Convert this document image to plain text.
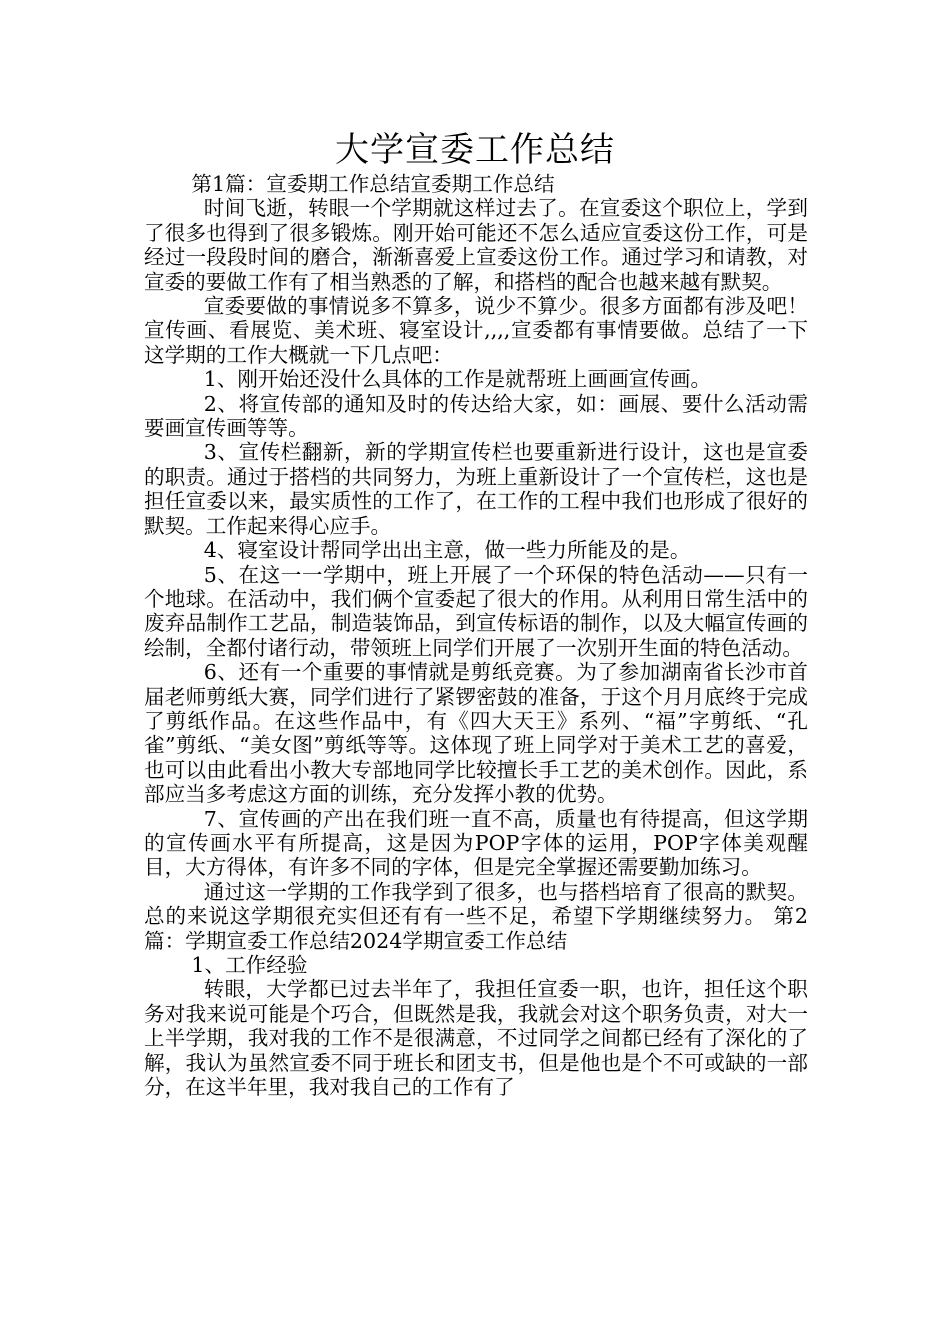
大学宣委工作总结

第1篇：宣委期工作总结宣委期工作总结

时间飞逝，转眼一个学期就这样过去了。在宣委这个职位上，学到了很多也得到了很多锻炼。刚开始可能还不怎么适应宣委这份工作，可是经过一段段时间的磨合，渐渐喜爱上宣委这份工作。通过学习和请教，对宣委的要做工作有了相当熟悉的了解，和搭档的配合也越来越有默契。

宣委要做的事情说多不算多，说少不算少。很多方面都有涉及吧！宣传画、看展览、美术班、寝室设计,,,,宣委都有事情要做。总结了一下这学期的工作大概就一下几点吧：

1、刚开始还没什么具体的工作是就帮班上画画宣传画。

2、将宣传部的通知及时的传达给大家，如：画展、要什么活动需要画宣传画等等。

3、宣传栏翻新，新的学期宣传栏也要重新进行设计，这也是宣委的职责。通过于搭档的共同努力，为班上重新设计了一个宣传栏，这也是担任宣委以来，最实质性的工作了，在工作的工程中我们也形成了很好的默契。工作起来得心应手。

4、寝室设计帮同学出出主意，做一些力所能及的是。

5、在这一一学期中，班上开展了一个环保的特色活动——只有一个地球。在活动中，我们俩个宣委起了很大的作用。从利用日常生活中的废弃品制作工艺品，制造装饰品，到宣传标语的制作，以及大幅宣传画的绘制，全都付诸行动，带领班上同学们开展了一次别开生面的特色活动。

6、还有一个重要的事情就是剪纸竞赛。为了参加湖南省长沙市首届老师剪纸大赛，同学们进行了紧锣密鼓的准备，于这个月月底终于完成了剪纸作品。在这些作品中，有《四大天王》系列、“福”字剪纸、“孔雀”剪纸、“美女图”剪纸等等。这体现了班上同学对于美术工艺的喜爱，也可以由此看出小教大专部地同学比较擅长手工艺的美术创作。因此，系部应当多考虑这方面的训练，充分发挥小教的优势。

7、宣传画的产出在我们班一直不高，质量也有待提高，但这学期的宣传画水平有所提高，这是因为POP字体的运用，POP字体美观醒目，大方得体，有许多不同的字体，但是完全掌握还需要勤加练习。

通过这一学期的工作我学到了很多，也与搭档培育了很高的默契。总的来说这学期很充实但还有有一些不足，希望下学期继续努力。 第2篇：学期宣委工作总结2024学期宣委工作总结

1、工作经验

转眼，大学都已过去半年了，我担任宣委一职，也许，担任这个职务对我来说可能是个巧合，但既然是我，我就会对这个职务负责，对大一上半学期，我对我的工作不是很满意，不过同学之间都已经有了深化的了解，我认为虽然宣委不同于班长和团支书，但是他也是个不可或缺的一部分，在这半年里，我对我自己的工作有了
